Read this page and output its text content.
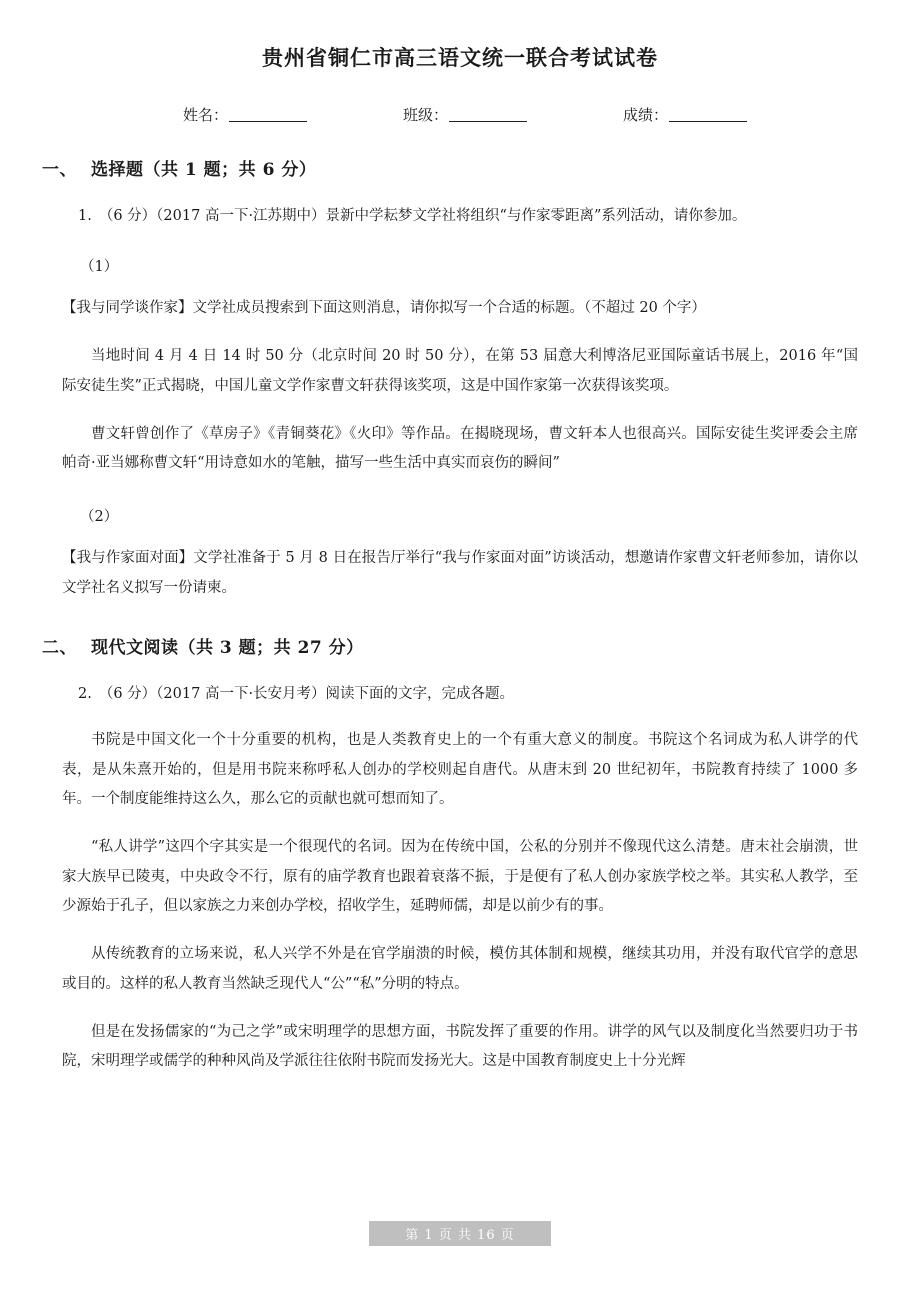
贵州省铜仁市高三语文统一联合考试试卷
姓名：	班级：	成绩：
一、 选择题（共 1 题；共 6 分）
1. （6 分）（2017 高一下·江苏期中）景新中学耘梦文学社将组织“与作家零距离”系列活动，请你参加。
（1）
【我与同学谈作家】文学社成员搜索到下面这则消息，请你拟写一个合适的标题。（不超过 20 个字）
当地时间 4 月 4 日 14 时 50 分（北京时间 20 时 50 分），在第 53 届意大利博洛尼亚国际童话书展上，2016 年“国际安徒生奖”正式揭晓，中国儿童文学作家曹文轩获得该奖项，这是中国作家第一次获得该奖项。
曹文轩曾创作了《草房子》《青铜葵花》《火印》等作品。在揭晓现场，曹文轩本人也很高兴。国际安徒生奖评委会主席帕奇·亚当娜称曹文轩“用诗意如水的笔触，描写一些生活中真实而哀伤的瞬间”
（2）
【我与作家面对面】文学社准备于 5 月 8 日在报告厅举行“我与作家面对面”访谈活动，想邀请作家曹文轩老师参加，请你以文学社名义拟写一份请柬。
二、 现代文阅读（共 3 题；共 27 分）
2. （6 分）（2017 高一下·长安月考）阅读下面的文字，完成各题。
书院是中国文化一个十分重要的机构，也是人类教育史上的一个有重大意义的制度。书院这个名词成为私人讲学的代表，是从朱熹开始的，但是用书院来称呼私人创办的学校则起自唐代。从唐末到 20 世纪初年，书院教育持续了 1000 多年。一个制度能维持这么久，那么它的贡献也就可想而知了。
“私人讲学”这四个字其实是一个很现代的名词。因为在传统中国，公私的分别并不像现代这么清楚。唐末社会崩溃，世家大族早已陵夷，中央政令不行，原有的庙学教育也跟着衰落不振，于是便有了私人创办家族学校之举。其实私人教学，至少源始于孔子，但以家族之力来创办学校，招收学生，延聘师儒，却是以前少有的事。
从传统教育的立场来说，私人兴学不外是在官学崩溃的时候，模仿其体制和规模，继续其功用，并没有取代官学的意思或目的。这样的私人教育当然缺乏现代人“公”“私”分明的特点。
但是在发扬儒家的“为己之学”或宋明理学的思想方面，书院发挥了重要的作用。讲学的风气以及制度化当然要归功于书院，宋明理学或儒学的种种风尚及学派往往依附书院而发扬光大。这是中国教育制度史上十分光辉
第 1 页 共 16 页
